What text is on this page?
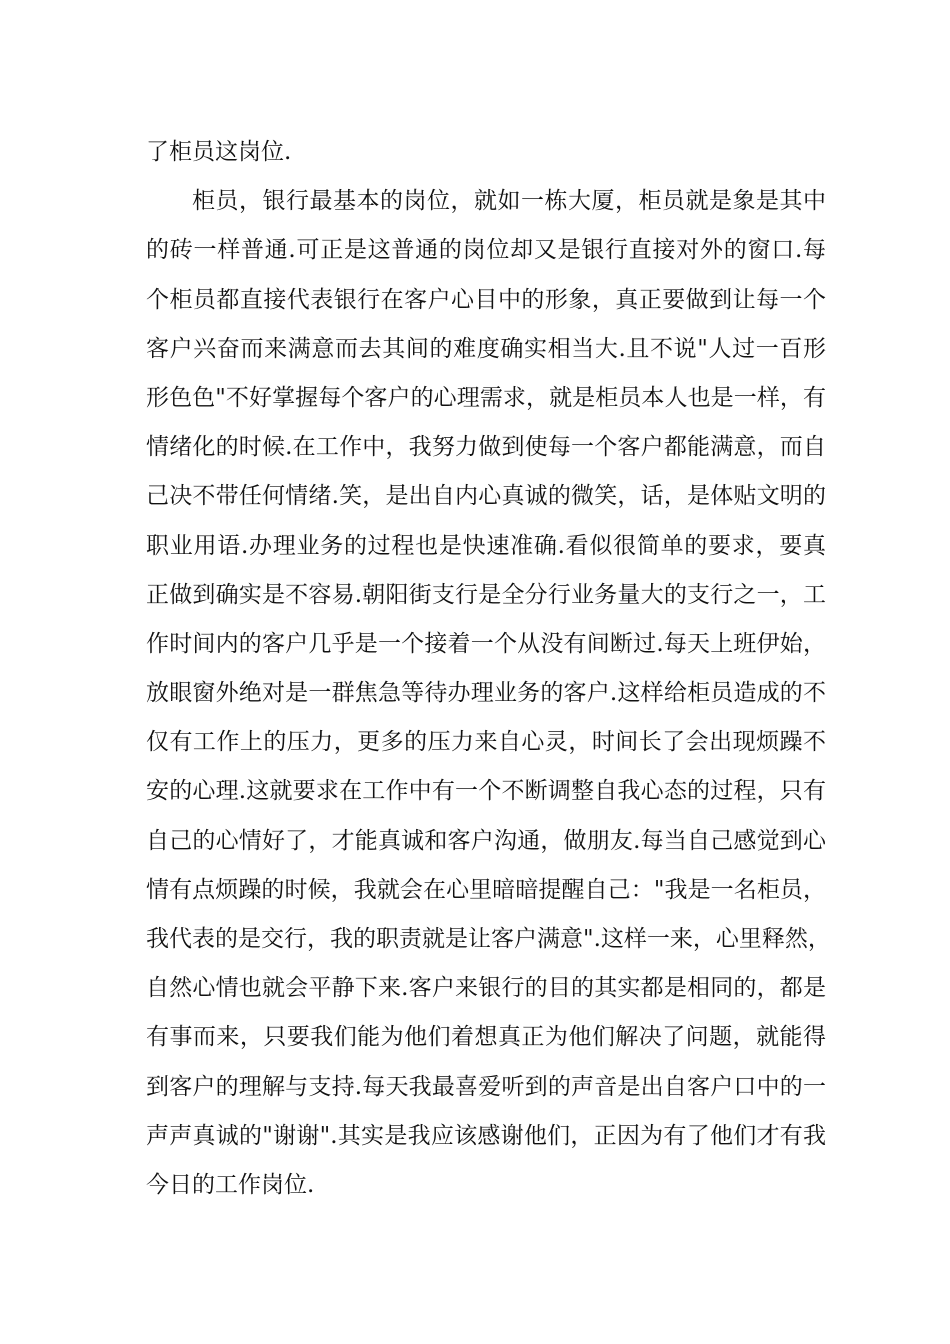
了柜员这岗位.
柜员，银行最基本的岗位，就如一栋大厦，柜员就是象是其中
的砖一样普通.可正是这普通的岗位却又是银行直接对外的窗口.每
个柜员都直接代表银行在客户心目中的形象，真正要做到让每一个
客户兴奋而来满意而去其间的难度确实相当大.且不说"人过一百形
形色色"不好掌握每个客户的心理需求，就是柜员本人也是一样，有
情绪化的时候.在工作中，我努力做到使每一个客户都能满意，而自
己决不带任何情绪.笑，是出自内心真诚的微笑，话，是体贴文明的
职业用语.办理业务的过程也是快速准确.看似很简单的要求，要真
正做到确实是不容易.朝阳街支行是全分行业务量大的支行之一，工
作时间内的客户几乎是一个接着一个从没有间断过.每天上班伊始，
放眼窗外绝对是一群焦急等待办理业务的客户.这样给柜员造成的不
仅有工作上的压力，更多的压力来自心灵，时间长了会出现烦躁不
安的心理.这就要求在工作中有一个不断调整自我心态的过程，只有
自己的心情好了，才能真诚和客户沟通，做朋友.每当自己感觉到心
情有点烦躁的时候，我就会在心里暗暗提醒自己："我是一名柜员，
我代表的是交行，我的职责就是让客户满意".这样一来，心里释然，
自然心情也就会平静下来.客户来银行的目的其实都是相同的，都是
有事而来，只要我们能为他们着想真正为他们解决了问题，就能得
到客户的理解与支持.每天我最喜爱听到的声音是出自客户口中的一
声声真诚的"谢谢".其实是我应该感谢他们，正因为有了他们才有我
今日的工作岗位.
